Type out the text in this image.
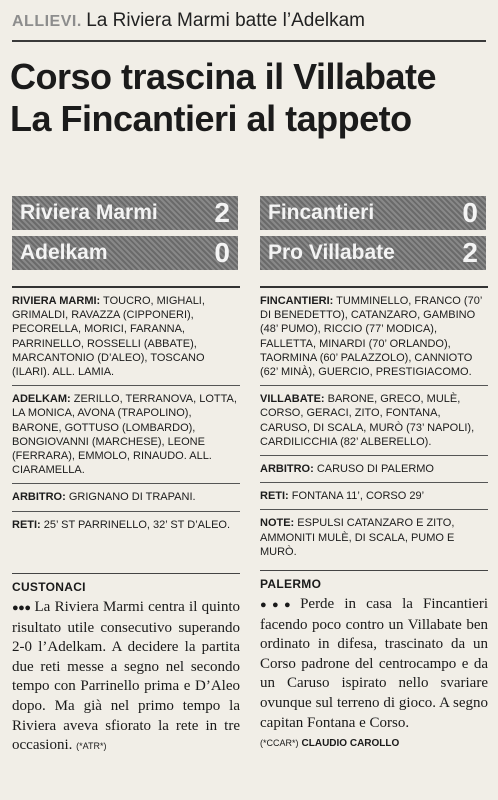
ALLIEVI. La Riviera Marmi batte l’Adelkam
Corso trascina il Villabate
La Fincantieri al tappeto
Riviera Marmi 2
Adelkam	0
Fincantieri	0
Pro Villabate 2
RIVIERA MARMI: TOUCRO, MIGHALI, GRIMALDI, RAVAZZA (CIPPONERI), PECORELLA, MORICI, FARANNA, PARRINELLO, ROSSELLI (ABBATE), MARCANTONIO (D’ALEO), TOSCANO (ILARI). ALL. LAMIA.
ADELKAM: ZERILLO, TERRANOVA, LOTTA, LA MONICA, AVONA (TRAPOLINO), BARONE, GOTTUSO (LOMBARDO), BONGIOVANNI (MARCHESE), LEONE (FERRARA), EMMOLO, RINAUDO. ALL. CIARAMELLA.
ARBITRO: GRIGNANO DI TRAPANI.
RETI: 25’ ST PARRINELLO, 32’ ST D’ALEO.
FINCANTIERI: TUMMINELLO, FRANCO (70’ DI BENEDETTO), CATANZARO, GAMBINO (48’ PUMO), RICCIO (77’ MODICA), FALLETTA, MINARDI (70’ ORLANDO), TAORMINA (60’ PALAZZOLO), CANNIOTO (62’ MINÀ), GUERCIO, PRESTIGIACOMO.
VILLABATE: BARONE, GRECO, MULÈ, CORSO, GERACI, ZITO, FONTANA, CARUSO, DI SCALA, MURÒ (73’ NAPOLI), CARDILICCHIA (82’ ALBERELLO).
ARBITRO: CARUSO DI PALERMO
RETI: FONTANA 11’, CORSO 29’
NOTE: ESPULSI CATANZARO E ZITO, AMMONITI MULÈ, DI SCALA, PUMO E MURÒ.
CUSTONACI
●●● La Riviera Marmi centra il quinto risultato utile consecutivo superando 2-0 l’Adelkam. A decidere la partita due reti messe a segno nel secondo tempo con Parrinello prima e D’Aleo dopo. Ma già nel primo tempo la Riviera aveva sfiorato la rete in tre occasioni. (*ATR*)
PALERMO
●●● Perde in casa la Fincantieri facendo poco contro un Villabate ben ordinato in difesa, trascinato da un Corso padrone del centrocampo e da un Caruso ispirato nello svariare ovunque sul terreno di gioco. A segno capitan Fontana e Corso.
(*CCAR*) CLAUDIO CAROLLO
